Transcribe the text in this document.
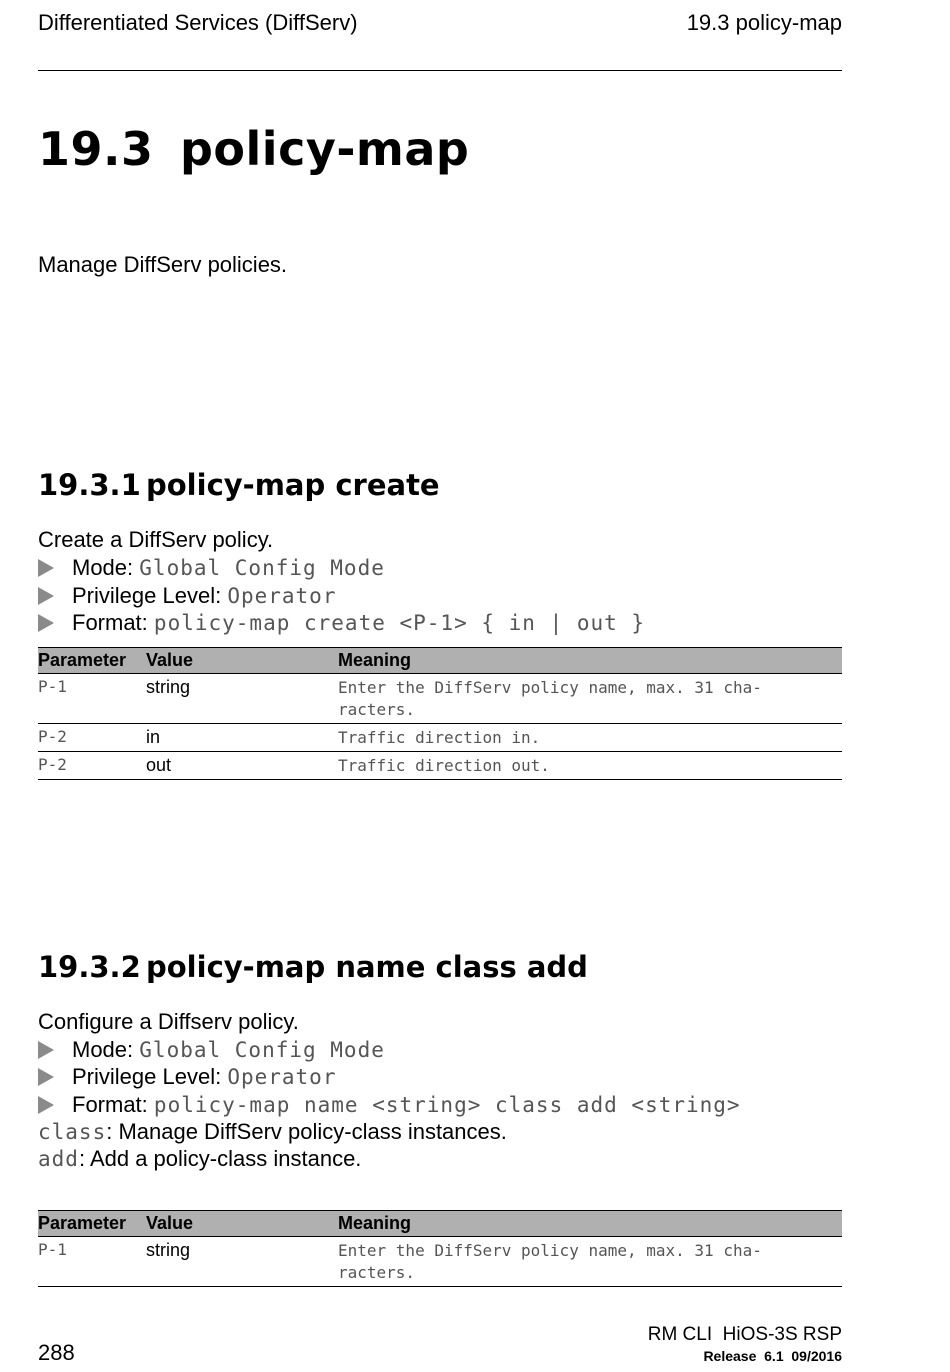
Differentiated Services (DiffServ)	19.3 policy-map
19.3 policy-map
Manage DiffServ policies.
19.3.1 policy-map create
Create a DiffServ policy.
Mode: Global Config Mode
Privilege Level: Operator
Format: policy-map create <P-1> { in | out }
Parameter	Value	Meaning
P-1	string	Enter the DiffServ policy name, max. 31 cha-racters.
P-2	in	Traffic direction in.
P-2	out	Traffic direction out.
19.3.2 policy-map name class add
Configure a Diffserv policy.
Mode: Global Config Mode
Privilege Level: Operator
Format: policy-map name <string> class add <string>
class: Manage DiffServ policy-class instances.
add: Add a policy-class instance.
Parameter	Value	Meaning
P-1	string	Enter the DiffServ policy name, max. 31 cha-racters.
288
RM CLI  HiOS-3S RSP
Release  6.1  09/2016
